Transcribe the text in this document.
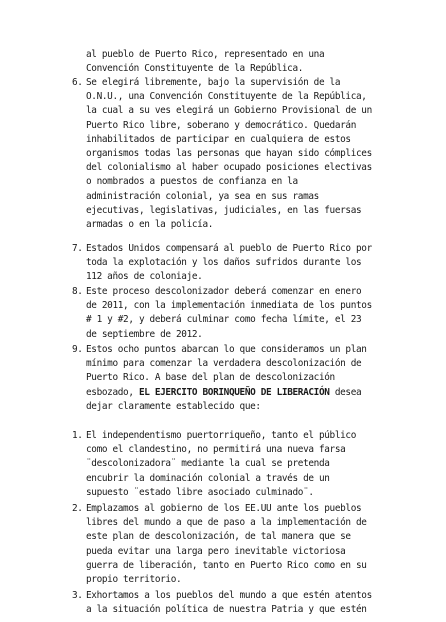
al pueblo de Puerto Rico, representado en una
Convención Constituyente de la República.
6. Se elegirá libremente, bajo la supervisión de la
O.N.U., una Convención Constituyente de la República,
la cual a su ves elegirá un Gobierno Provisional de un
Puerto Rico libre, soberano y democrático. Quedarán
inhabilitados de participar en cualquiera de estos
organismos todas las personas que hayan sido cómplices
del colonialismo al haber ocupado posiciones electivas
o nombrados a puestos de confianza en la
administración colonial, ya sea en sus ramas
ejecutivas, legislativas, judiciales, en las fuersas
armadas o en la policía.
7. Estados Unidos compensará al pueblo de Puerto Rico por
toda la explotación y los daños sufridos durante los
112 años de coloniaje.
8. Este proceso descolonizador deberá comenzar en enero
de 2011, con la implementación inmediata de los puntos
# 1 y #2, y deberá culminar como fecha límite, el 23
de septiembre de 2012.
9. Estos ocho puntos abarcan lo que consideramos un plan
mínimo para comenzar la verdadera descolonización de
Puerto Rico. A base del plan de descolonización
esbozado, EL EJERCITO BORINQUEÑO DE LIBERACIÓN desea
dejar claramente establecido que:
1. El independentismo puertorriqueño, tanto el público
como el clandestino, no permitirá una nueva farsa
¨descolonizadora¨ mediante la cual se pretenda
encubrir la dominación colonial a través de un
supuesto ¨estado libre asociado culminado¨.
2. Emplazamos al gobierno de los EE.UU ante los pueblos
libres del mundo a que de paso a la implementación de
este plan de descolonización, de tal manera que se
pueda evitar una larga pero inevitable victoriosa
guerra de liberación, tanto en Puerto Rico como en su
propio territorio.
3. Exhortamos a los pueblos del mundo a que estén atentos
a la situación política de nuestra Patria y que estén
